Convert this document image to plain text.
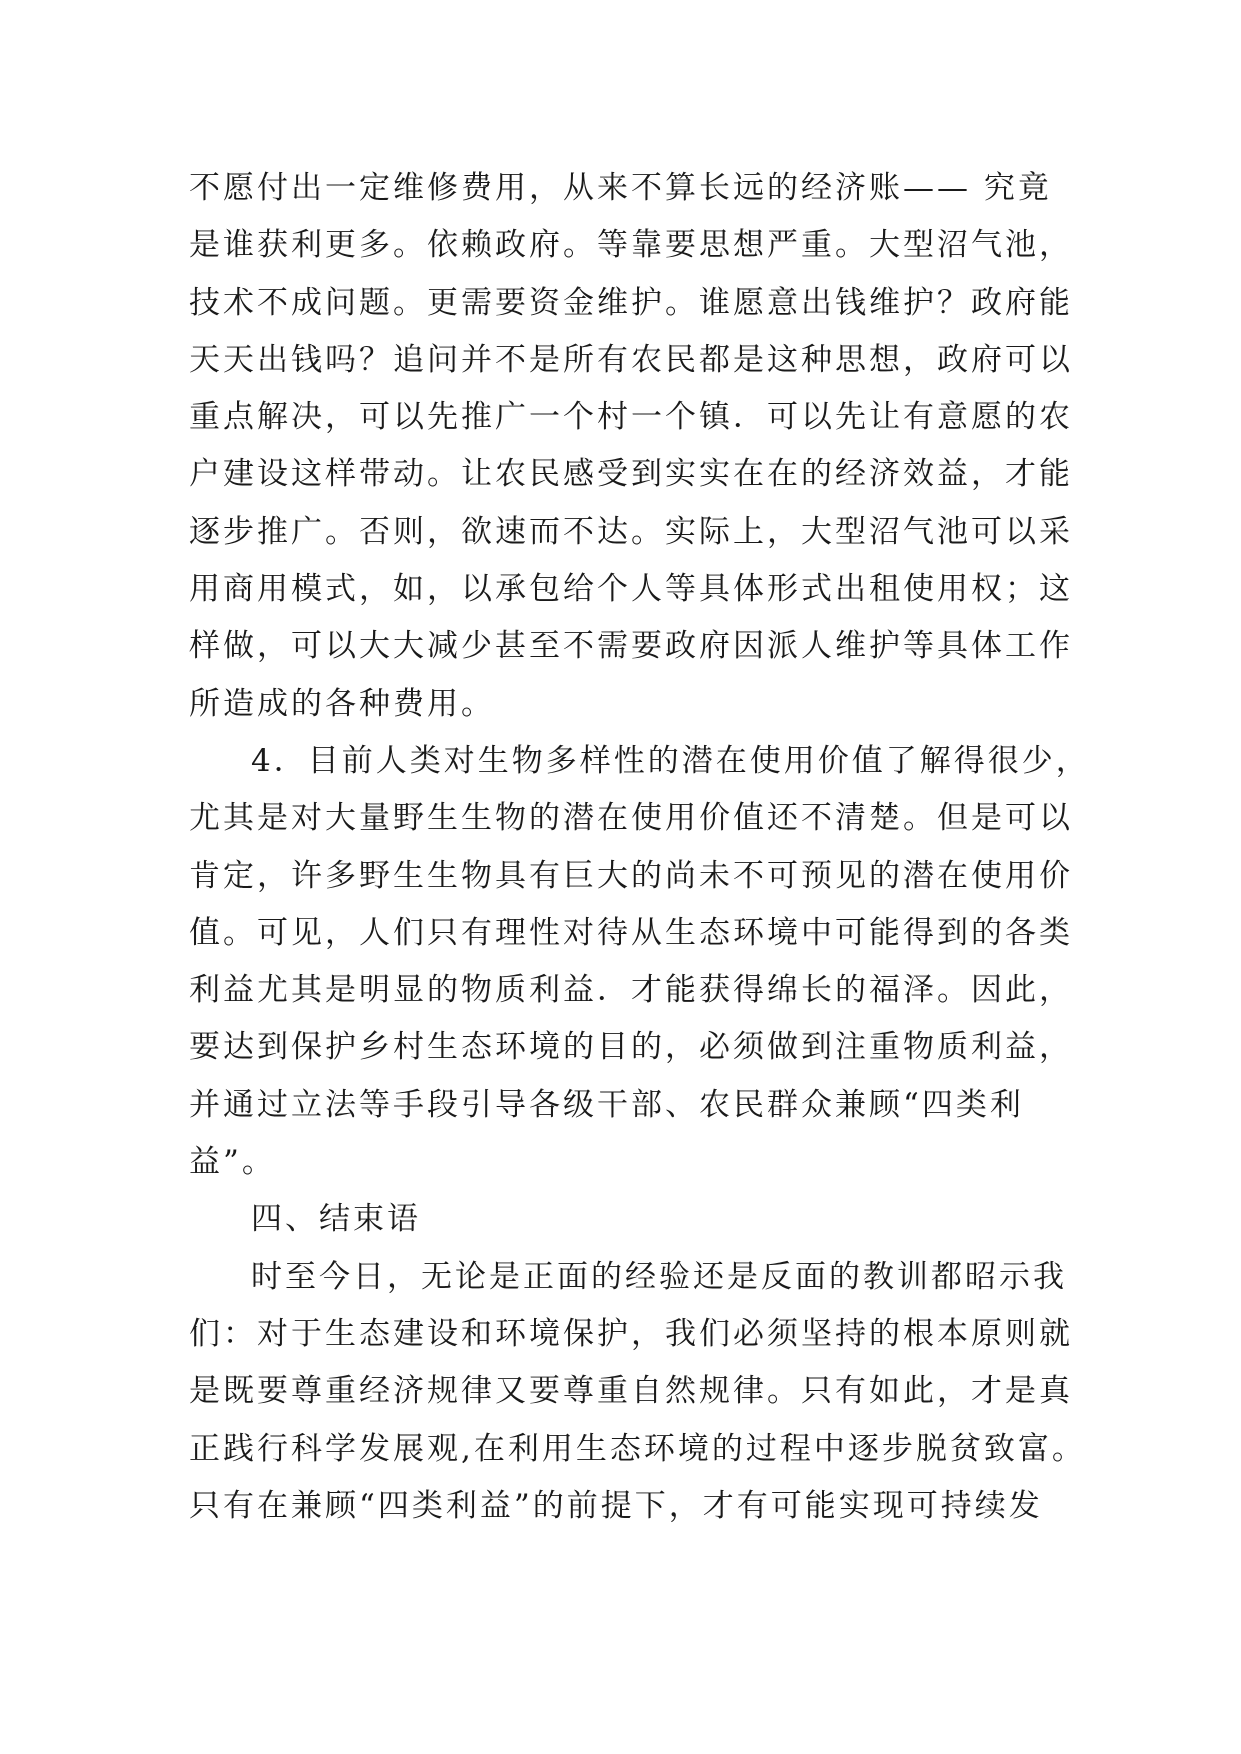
不愿付出一定维修费用，从来不算长远的经济账—— 究竟
是谁获利更多。依赖政府。等靠要思想严重。大型沼气池，
技术不成问题。更需要资金维护。谁愿意出钱维护？政府能
天天出钱吗？追问并不是所有农民都是这种思想，政府可以
重点解决，可以先推广一个村一个镇．可以先让有意愿的农
户建设这样带动。让农民感受到实实在在的经济效益，才能
逐步推广。否则，欲速而不达。实际上，大型沼气池可以采
用商用模式，如，以承包给个人等具体形式出租使用权；这
样做，可以大大减少甚至不需要政府因派人维护等具体工作
所造成的各种费用。
4．目前人类对生物多样性的潜在使用价值了解得很少，
尤其是对大量野生生物的潜在使用价值还不清楚。但是可以
肯定，许多野生生物具有巨大的尚未不可预见的潜在使用价
值。可见，人们只有理性对待从生态环境中可能得到的各类
利益尤其是明显的物质利益．才能获得绵长的福泽。因此，
要达到保护乡村生态环境的目的，必须做到注重物质利益，
并通过立法等手段引导各级干部、农民群众兼顾“四类利
益”。
四、结束语
时至今日，无论是正面的经验还是反面的教训都昭示我
们：对于生态建设和环境保护，我们必须坚持的根本原则就
是既要尊重经济规律又要尊重自然规律。只有如此，才是真
正践行科学发展观,在利用生态环境的过程中逐步脱贫致富。
只有在兼顾“四类利益”的前提下，才有可能实现可持续发
